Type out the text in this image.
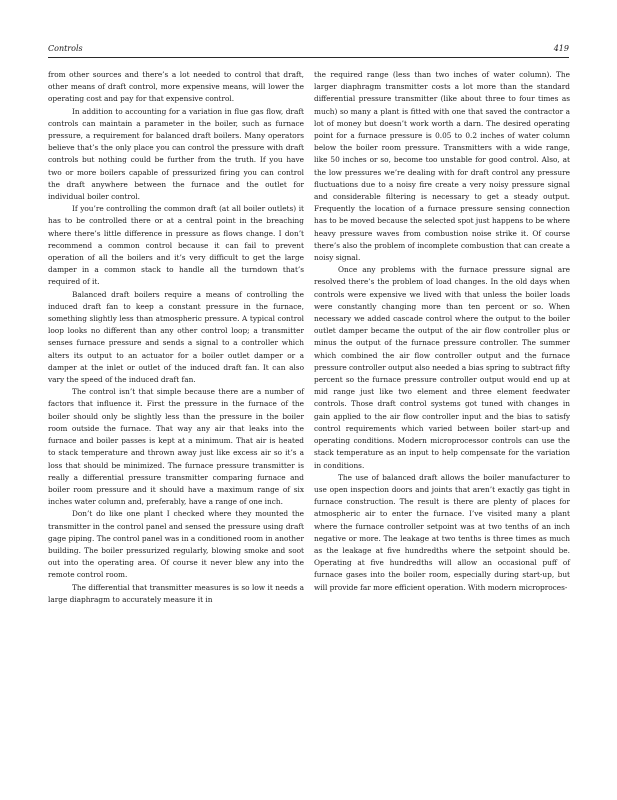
Controls	419

from other sources and there’s a lot needed to control that draft, other means of draft control, more expensive means, will lower the operating cost and pay for that expensive control.

In addition to accounting for a variation in flue gas flow, draft controls can maintain a parameter in the boiler, such as furnace pressure, a requirement for balanced draft boilers. Many operators believe that’s the only place you can control the pressure with draft controls but nothing could be further from the truth. If you have two or more boilers capable of pressurized firing you can control the draft anywhere between the furnace and the outlet for individual boiler control.

If you’re controlling the common draft (at all boiler outlets) it has to be controlled there or at a central point in the breaching where there’s little difference in pressure as flows change. I don’t recommend a common control because it can fail to prevent operation of all the boilers and it’s very difficult to get the large damper in a common stack to handle all the turndown that’s required of it.

Balanced draft boilers require a means of controlling the induced draft fan to keep a constant pressure in the furnace, something slightly less than atmospheric pressure. A typical control loop looks no different than any other control loop; a transmitter senses furnace pressure and sends a signal to a controller which alters its output to an actuator for a boiler outlet damper or a damper at the inlet or outlet of the induced draft fan. It can also vary the speed of the induced draft fan.

The control isn’t that simple because there are a number of factors that influence it. First the pressure in the furnace of the boiler should only be slightly less than the pressure in the boiler room outside the furnace. That way any air that leaks into the furnace and boiler passes is kept at a minimum. That air is heated to stack temperature and thrown away just like excess air so it’s a loss that should be minimized. The furnace pressure transmitter is really a differential pressure transmitter comparing furnace and boiler room pressure and it should have a maximum range of six inches water column and, preferably, have a range of one inch.

Don’t do like one plant I checked where they mounted the transmitter in the control panel and sensed the pressure using draft gage piping. The control panel was in a conditioned room in another building. The boiler pressurized regularly, blowing smoke and soot out into the operating area. Of course it never blew any into the remote control room.

The differential that transmitter measures is so low it needs a large diaphragm to accurately measure it in

the required range (less than two inches of water column). The larger diaphragm transmitter costs a lot more than the standard differential pressure transmitter (like about three to four times as much) so many a plant is fitted with one that saved the contractor a lot of money but doesn’t work worth a darn. The desired operating point for a furnace pressure is 0.05 to 0.2 inches of water column below the boiler room pressure. Transmitters with a wide range, like 50 inches or so, become too unstable for good control. Also, at the low pressures we’re dealing with for draft control any pressure fluctuations due to a noisy fire create a very noisy pressure signal and considerable filtering is necessary to get a steady output. Frequently the location of a furnace pressure sensing connection has to be moved because the selected spot just happens to be where heavy pressure waves from combustion noise strike it. Of course there’s also the problem of incomplete combustion that can create a noisy signal.

Once any problems with the furnace pressure signal are resolved there’s the problem of load changes. In the old days when controls were expensive we lived with that unless the boiler loads were constantly changing more than ten percent or so. When necessary we added cascade control where the output to the boiler outlet damper became the output of the air flow controller plus or minus the output of the furnace pressure controller. The summer which combined the air flow controller output and the furnace pressure controller output also needed a bias spring to subtract fifty percent so the furnace pressure controller output would end up at mid range just like two element and three element feedwater controls. Those draft control systems got tuned with changes in gain applied to the air flow controller input and the bias to satisfy control requirements which varied between boiler start-up and operating conditions. Modern microprocessor controls can use the stack temperature as an input to help compensate for the variation in conditions.

The use of balanced draft allows the boiler manufacturer to use open inspection doors and joints that aren’t exactly gas tight in furnace construction. The result is there are plenty of places for atmospheric air to enter the furnace. I’ve visited many a plant where the furnace controller setpoint was at two tenths of an inch negative or more. The leakage at two tenths is three times as much as the leakage at five hundredths where the setpoint should be. Operating at five hundredths will allow an occasional puff of furnace gases into the boiler room, especially during start-up, but will provide far more efficient operation. With modern microproces-
